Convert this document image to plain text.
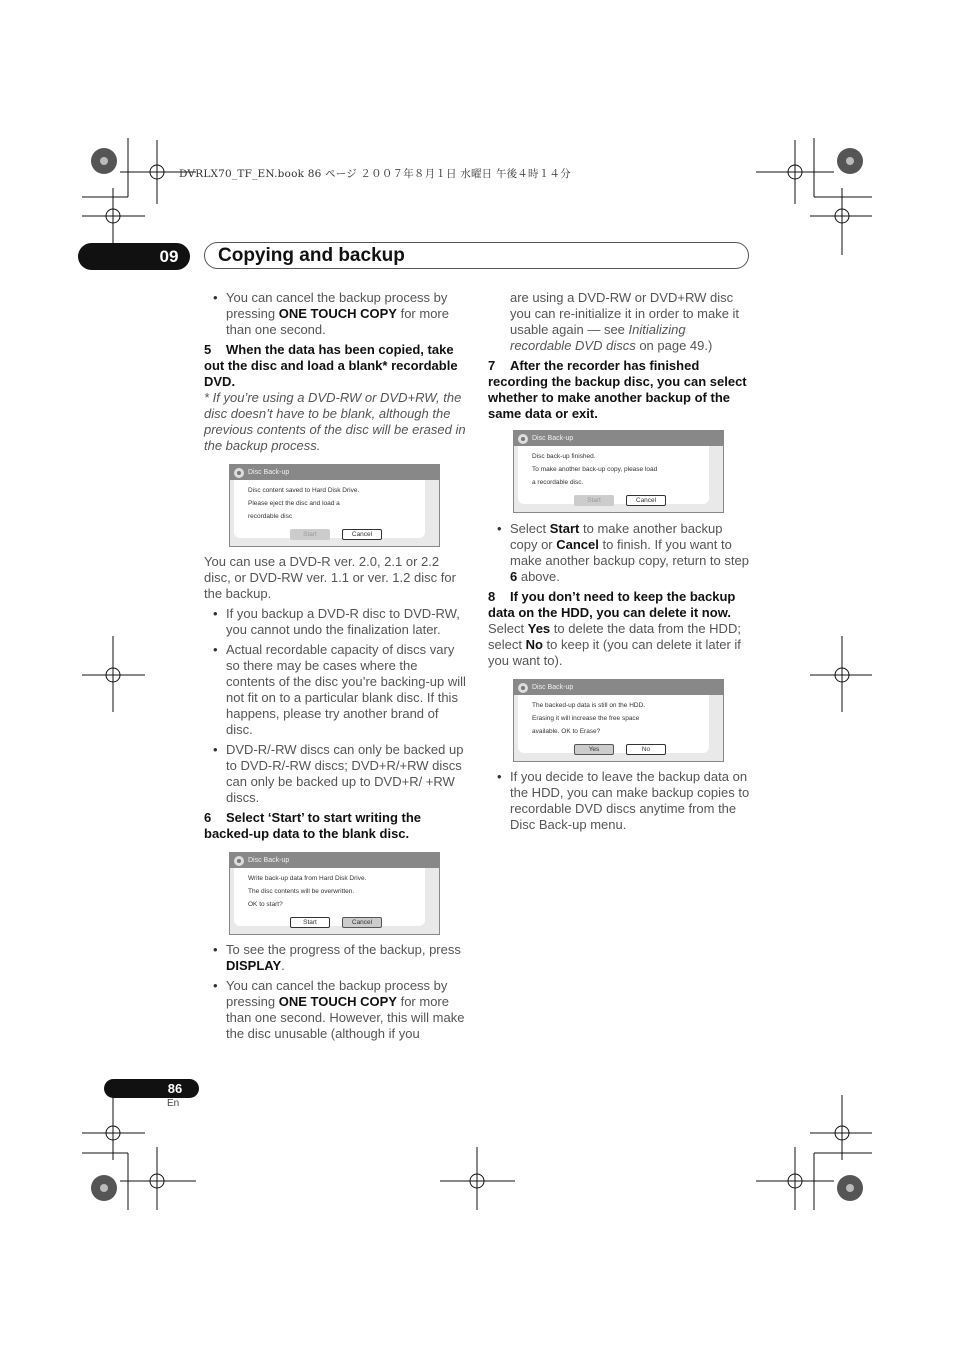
DVRLX70_TF_EN.book 86 ページ ２００７年８月１日 水曜日 午後４時１４分
09	Copying and backup
• You can cancel the backup process by pressing ONE TOUCH COPY for more than one second.
5 When the data has been copied, take out the disc and load a blank* recordable DVD.

* If you’re using a DVD-RW or DVD+RW, the disc doesn’t have to be blank, although the previous contents of the disc will be erased in the backup process.

Disc Back-up
Disc content saved to Hard Disk Drive.
Please eject the disc and load a
recordable disc
Start	Cancel

You can use a DVD-R ver. 2.0, 2.1 or 2.2 disc, or DVD-RW ver. 1.1 or ver. 1.2 disc for the backup.

• If you backup a DVD-R disc to DVD-RW, you cannot undo the finalization later.
• Actual recordable capacity of discs vary so there may be cases where the contents of the disc you’re backing-up will not fit on to a particular blank disc. If this happens, please try another brand of disc.
• DVD-R/-RW discs can only be backed up to DVD-R/-RW discs; DVD+R/+RW discs can only be backed up to DVD+R/ +RW discs.
6 Select ‘Start’ to start writing the backed-up data to the blank disc.
Disc Back-up
Write back-up data from Hard Disk Drive.
The disc contents will be overwritten.
OK to start?
Start	Cancel
• To see the progress of the backup, press DISPLAY.
• You can cancel the backup process by pressing ONE TOUCH COPY for more than one second. However, this will make the disc unusable (although if you

are using a DVD-RW or DVD+RW disc you can re-initialize it in order to make it usable again — see Initializing recordable DVD discs on page 49.)

7 After the recorder has finished recording the backup disc, you can select whether to make another backup of the same data or exit.
Disc Back-up
Disc back-up finished.
To make another back-up copy, please load
a recordable disc.
Start	Cancel
• Select Start to make another backup copy or Cancel to finish. If you want to make another backup copy, return to step 6 above.
8 If you don’t need to keep the backup data on the HDD, you can delete it now.

Select Yes to delete the data from the HDD; select No to keep it (you can delete it later if you want to).

Disc Back-up
The backed-up data is still on the HDD.
Erasing it will increase the free space
available. OK to Erase?
Yes	No
• If you decide to leave the backup data on the HDD, you can make backup copies to recordable DVD discs anytime from the Disc Back-up menu.
86
En
